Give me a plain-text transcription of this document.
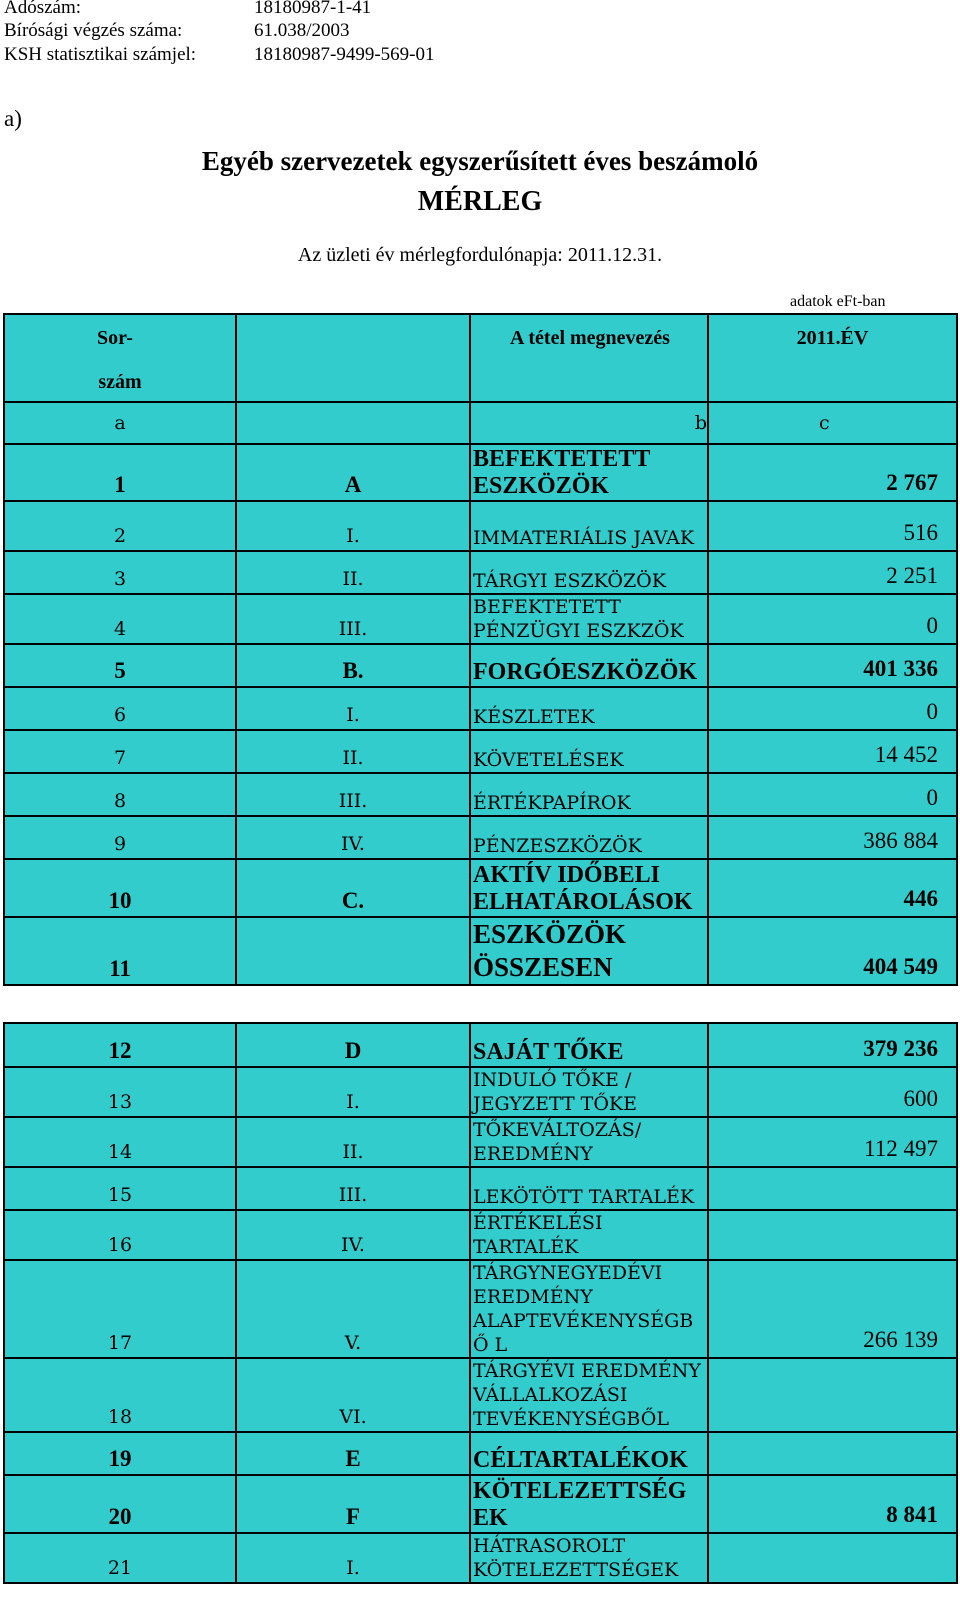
Adószám:	18180987-1-41
Bírósági végzés száma:	61.038/2003
KSH statisztikai számjel:	18180987-9499-569-01
a)
Egyéb szervezetek egyszerűsített éves beszámoló
MÉRLEG
Az üzleti év mérlegfordulónapja: 2011.12.31.
adatok eFt-ban
Sor-
szám		A tétel megnevezés	2011.ÉV

a		b	c
1	A	BEFEKTETETT ESZKÖZÖK	2 767
2	I.	IMMATERIÁLIS JAVAK	516
3	II.	TÁRGYI ESZKÖZÖK	2 251
4	III.	BEFEKTETETT PÉNZÜGYI ESZKZÖK	0
5	B.	FORGÓESZKÖZÖK	401 336
6	I.	KÉSZLETEK	0
7	II.	KÖVETELÉSEK	14 452
8	III.	ÉRTÉKPAPÍROK	0
9	IV.	PÉNZESZKÖZÖK	386 884
10	C.	AKTÍV IDŐBELI ELHATÁROLÁSOK	446
11		ESZKÖZÖK ÖSSZESEN	404 549
12	D	SAJÁT TŐKE	379 236
13	I.	INDULÓ TŐKE / JEGYZETT TŐKE	600
14	II.	TŐKEVÁLTOZÁS/ EREDMÉNY	112 497
15	III.	LEKÖTÖTT TARTALÉK	
16	IV.	ÉRTÉKELÉSI TARTALÉK	
17	V.	TÁRGYNEGYEDÉVI EREDMÉNY ALAPTEVÉKENYSÉGBŐ L	266 139
18	VI.	TÁRGYÉVI EREDMÉNY VÁLLALKOZÁSI TEVÉKENYSÉGBŐL	
19	E	CÉLTARTALÉKOK	
20	F	KÖTELEZETTSÉG EK	8 841
21	I.	HÁTRASOROLT KÖTELEZETTSÉGEK	
